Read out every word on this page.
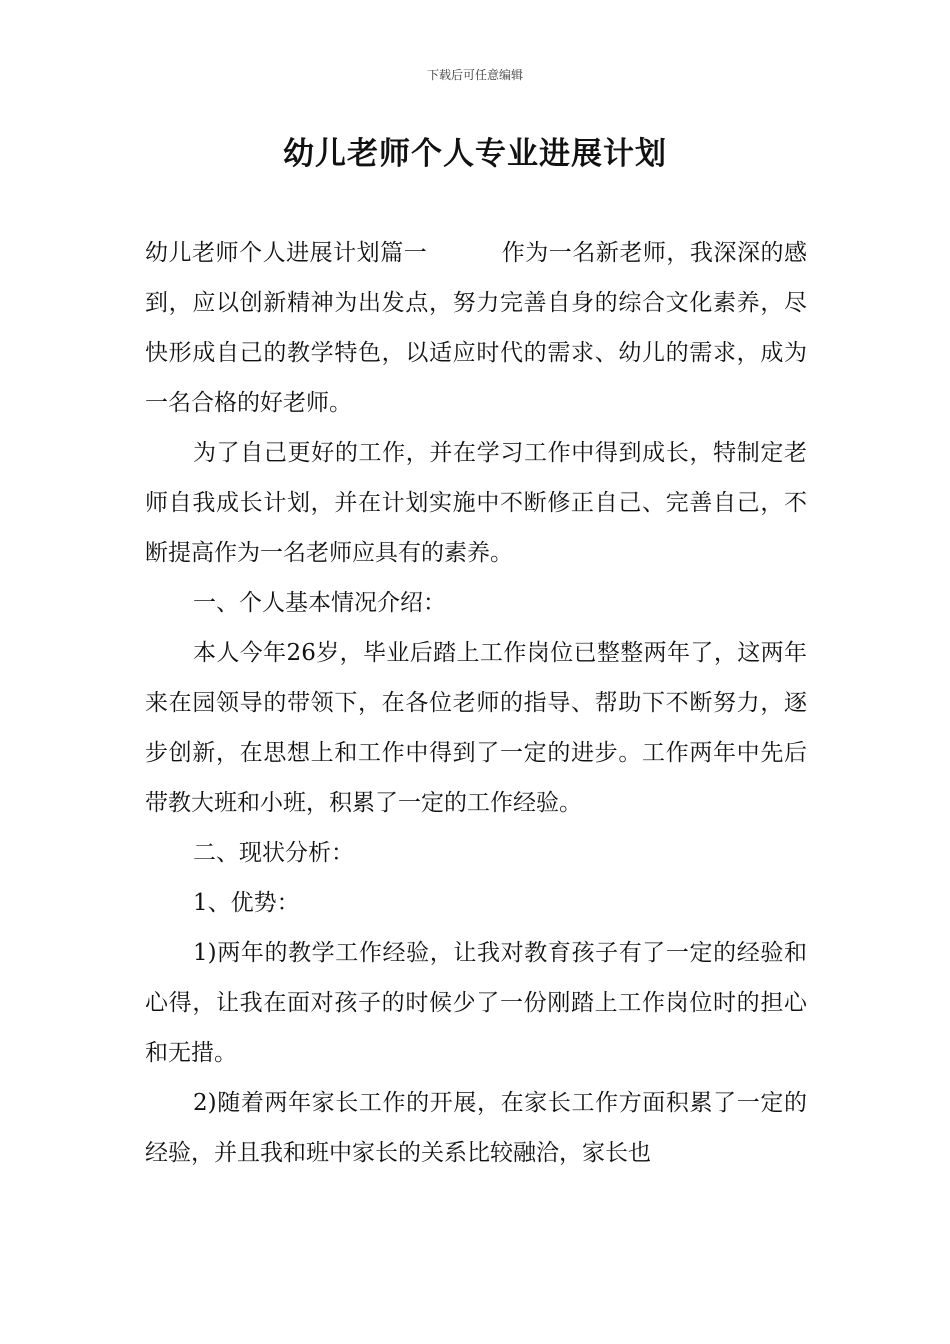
下载后可任意编辑
幼儿老师个人专业进展计划

幼儿老师个人进展计划篇一	作为一名新老师，我深深的感到，应以创新精神为出发点，努力完善自身的综合文化素养，尽快形成自己的教学特色，以适应时代的需求、幼儿的需求，成为一名合格的好老师。

为了自己更好的工作，并在学习工作中得到成长，特制定老师自我成长计划，并在计划实施中不断修正自己、完善自己，不断提高作为一名老师应具有的素养。

一、个人基本情况介绍：

本人今年26岁，毕业后踏上工作岗位已整整两年了，这两年来在园领导的带领下，在各位老师的指导、帮助下不断努力，逐步创新，在思想上和工作中得到了一定的进步。工作两年中先后带教大班和小班，积累了一定的工作经验。

二、现状分析：

1、优势：

1)两年的教学工作经验，让我对教育孩子有了一定的经验和心得，让我在面对孩子的时候少了一份刚踏上工作岗位时的担心和无措。

2)随着两年家长工作的开展，在家长工作方面积累了一定的经验，并且我和班中家长的关系比较融洽，家长也
